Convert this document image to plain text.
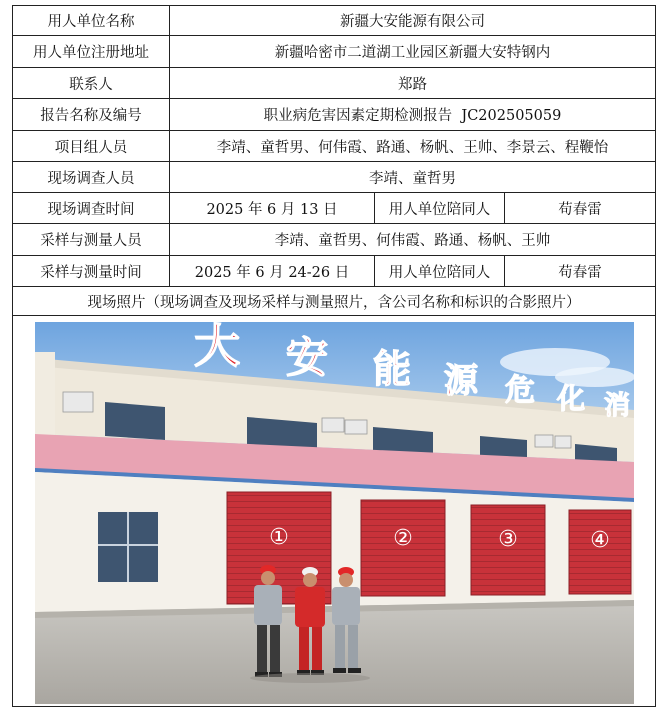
用人单位名称	新疆大安能源有限公司
用人单位注册地址	新疆哈密市二道湖工业园区新疆大安特钢内
联系人	郑路
报告名称及编号	职业病危害因素定期检测报告  JC202505059
项目组人员	李靖、童哲男、何伟霞、路通、杨帆、王帅、李景云、程鞭怡
现场调查人员	李靖、童哲男
现场调查时间	2025 年 6 月 13 日	用人单位陪同人	苟春雷
采样与测量人员	李靖、童哲男、何伟霞、路通、杨帆、王帅
采样与测量时间	2025 年 6 月 24-26 日	用人单位陪同人	苟春雷
现场照片（现场调查及现场采样与测量照片，含公司名称和标识的合影照片）
①	②	③	④
大 安 能 源 危 化 消
